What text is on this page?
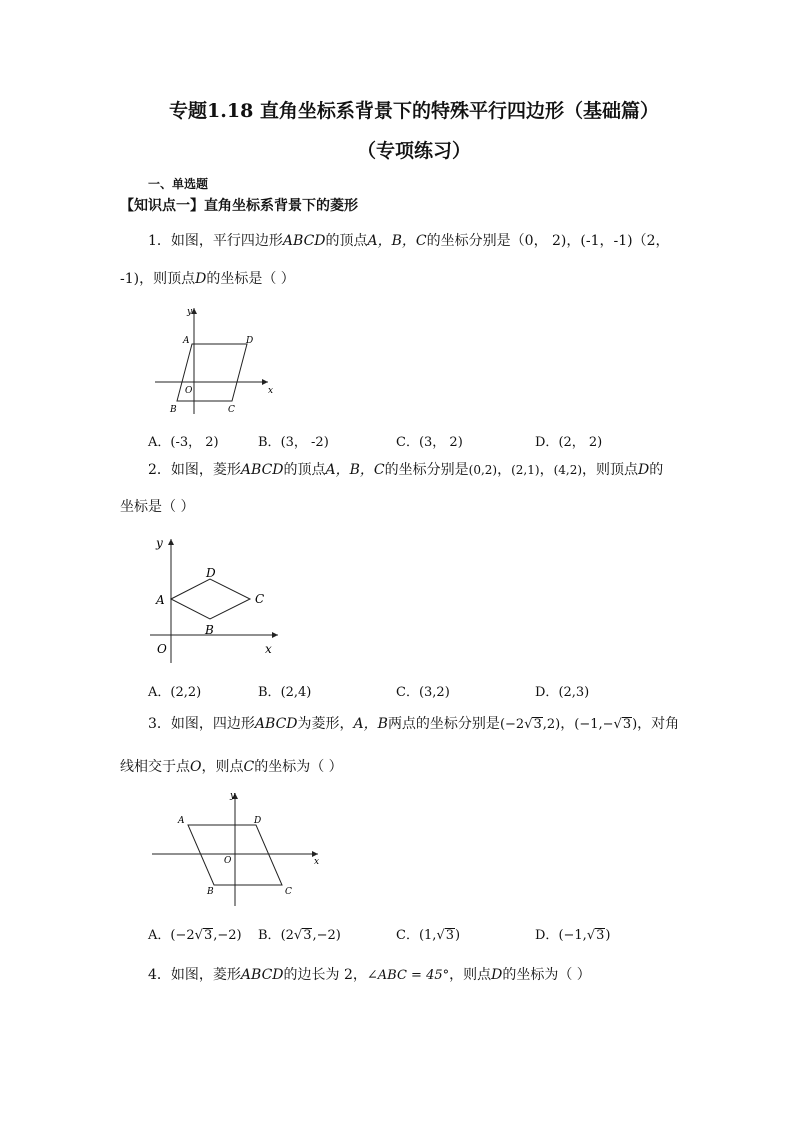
专题1.18 直角坐标系背景下的特殊平行四边形（基础篇）
（专项练习）
一、单选题
【知识点一】直角坐标系背景下的菱形
1．如图，平行四边形ABCD的顶点A，B，C的坐标分别是（0， 2)，(-1，-1)（2，
-1)，则顶点D的坐标是（ ）
y
x
A	D
O
B	C
A．(-3， 2)	B．(3， -2)	C．(3， 2)	D．(2， 2)
2．如图，菱形ABCD的顶点A，B，C的坐标分别是(0,2)，(2,1)，(4,2)，则顶点D的
坐标是（ ）
y
x
A
D
C
B
O
A．(2,2)	B．(2,4)	C．(3,2)	D．(2,3)
3．如图，四边形ABCD为菱形，A，B两点的坐标分别是(−2√3,2)，(−1,−√3)，对角
线相交于点O，则点C的坐标为（ ）
y
x
A	D
O
B	C
A．(−2√3,−2) B．(2√3,−2)	C．(1,√3)	D．(−1,√3)
4．如图，菱形ABCD的边长为 2，∠ABC = 45°，则点D的坐标为（ ）
